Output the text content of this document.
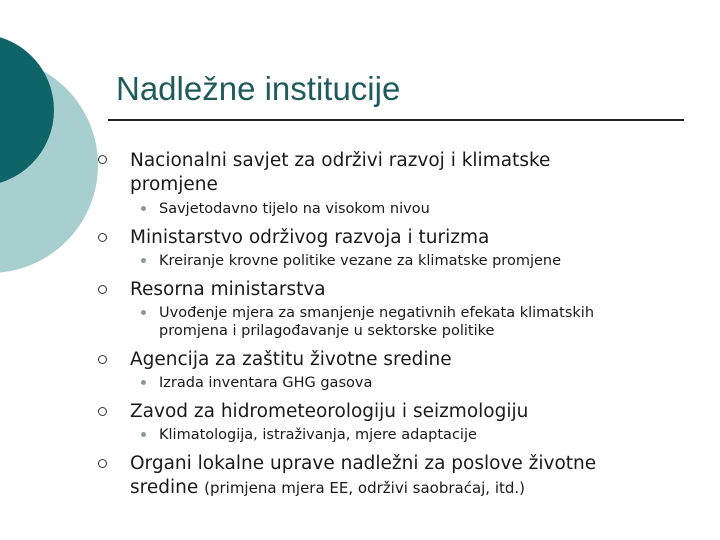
Nadležne institucije
Nacionalni savjet za održivi razvoj i klimatske promjene
Savjetodavno tijelo na visokom nivou
Ministarstvo održivog razvoja i turizma
Kreiranje krovne politike vezane za klimatske promjene
Resorna ministarstva
Uvođenje mjera za smanjenje negativnih efekata klimatskih promjena i prilagođavanje u sektorske politike
Agencija za zaštitu životne sredine
Izrada inventara GHG gasova
Zavod za hidrometeorologiju i seizmologiju
Klimatologija, istraživanja, mjere adaptacije
Organi lokalne uprave nadležni za poslove životne sredine (primjena mjera EE, održivi saobraćaj, itd.)
